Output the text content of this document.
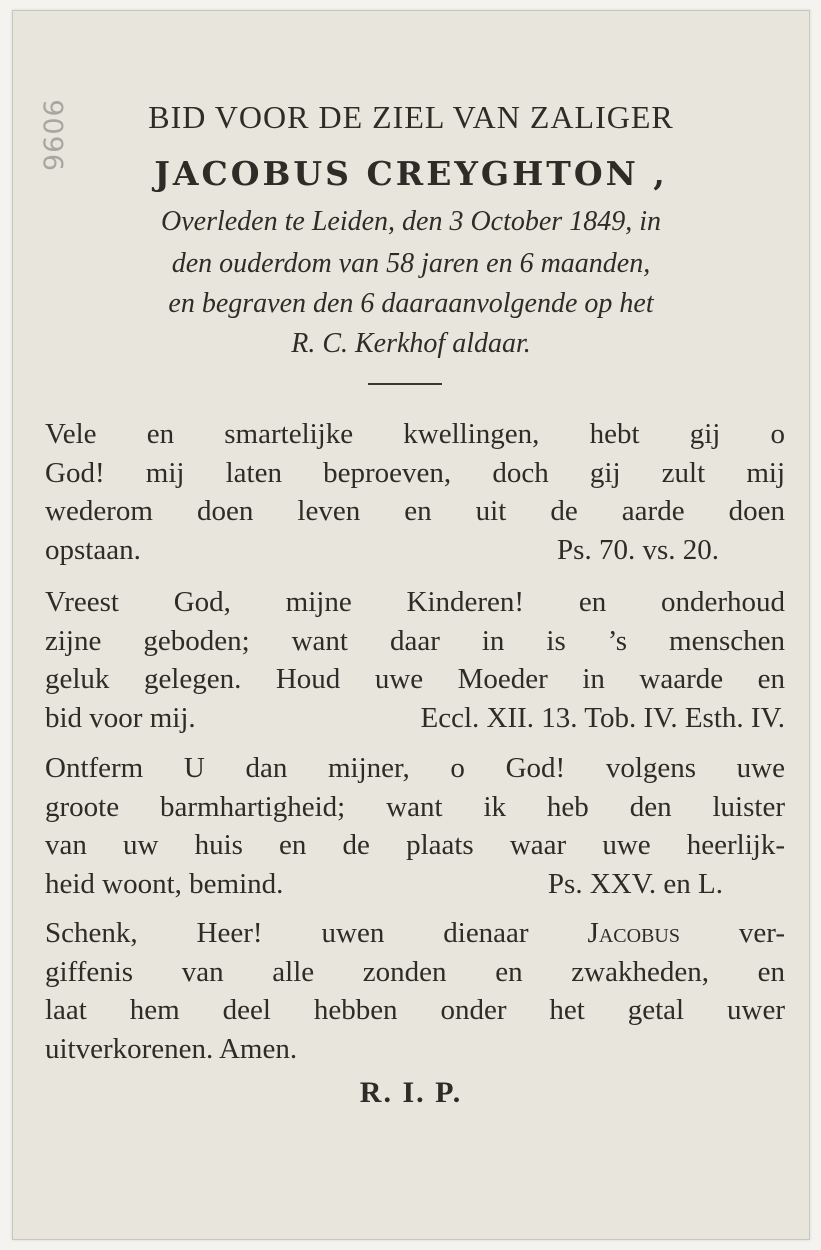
9606	BID VOOR DE ZIEL VAN ZALIGER
JACOBUS CREYGHTON ,
Overleden te Leiden, den 3 October 1849, in
den ouderdom van 58 jaren en 6 maanden,
en begraven den 6 daaraanvolgende op het
R. C. Kerkhof aldaar.
Vele en smartelijke kwellingen, hebt gij o
God! mij laten beproeven, doch gij zult mij
wederom doen leven en uit de aarde doen
opstaan.	Ps. 70. vs. 20.
Vreest God, mijne Kinderen! en onderhoud
zijne geboden; want daar in is ’s menschen
geluk gelegen. Houd uwe Moeder in waarde en
bid voor mij.	Eccl. XII. 13. Tob. IV. Esth. IV.
Ontferm U dan mijner, o God! volgens uwe
groote barmhartigheid; want ik heb den luister
van uw huis en de plaats waar uwe heerlijk-
heid woont, bemind.	Ps. XXV. en L.
Schenk, Heer! uwen dienaar Jacobus ver-
giffenis van alle zonden en zwakheden, en
laat hem deel hebben onder het getal uwer
uitverkorenen. Amen.
R. I. P.
